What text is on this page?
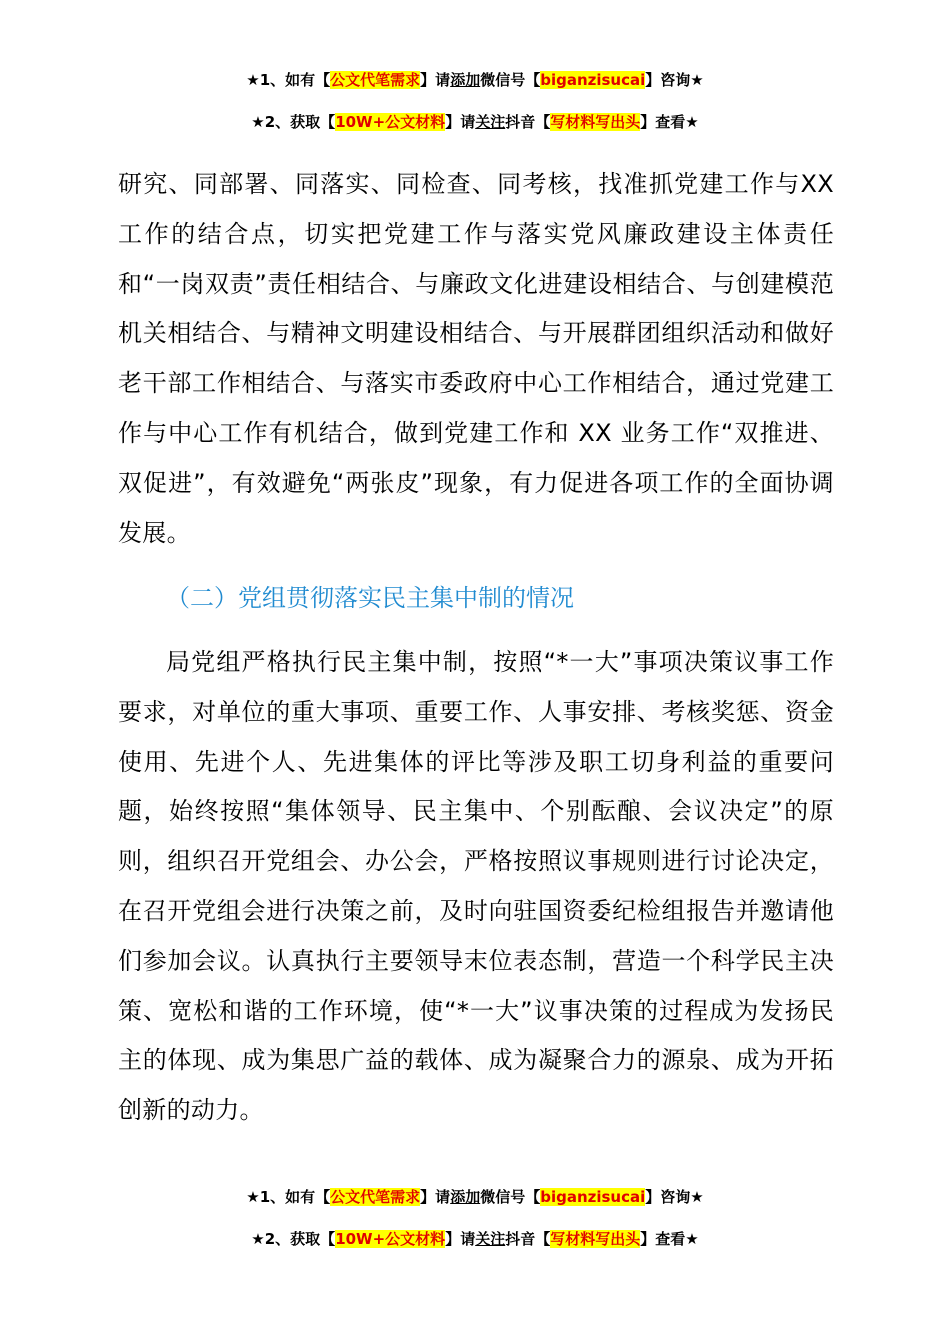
★1、如有【公文代笔需求】请添加微信号【biganzisucai】咨询★
★2、获取【10W+公文材料】请关注抖音【写材料写出头】查看★

研究、同部署、同落实、同检查、同考核，找准抓党建工作与XX 工作的结合点，切实把党建工作与落实党风廉政建设主体责任和“一岗双责”责任相结合、与廉政文化进建设相结合、与创建模范机关相结合、与精神文明建设相结合、与开展群团组织活动和做好老干部工作相结合、与落实市委政府中心工作相结合，通过党建工作与中心工作有机结合，做到党建工作和 XX 业务工作“双推进、双促进”，有效避免“两张皮”现象，有力促进各项工作的全面协调发展。

（二）党组贯彻落实民主集中制的情况

局党组严格执行民主集中制，按照“*一大”事项决策议事工作要求，对单位的重大事项、重要工作、人事安排、考核奖惩、资金使用、先进个人、先进集体的评比等涉及职工切身利益的重要问题，始终按照“集体领导、民主集中、个别酝酿、会议决定”的原则，组织召开党组会、办公会，严格按照议事规则进行讨论决定，在召开党组会进行决策之前，及时向驻国资委纪检组报告并邀请他们参加会议。认真执行主要领导末位表态制，营造一个科学民主决策、宽松和谐的工作环境，使“*一大”议事决策的过程成为发扬民主的体现、成为集思广益的载体、成为凝聚合力的源泉、成为开拓创新的动力。

★1、如有【公文代笔需求】请添加微信号【biganzisucai】咨询★
★2、获取【10W+公文材料】请关注抖音【写材料写出头】查看★
